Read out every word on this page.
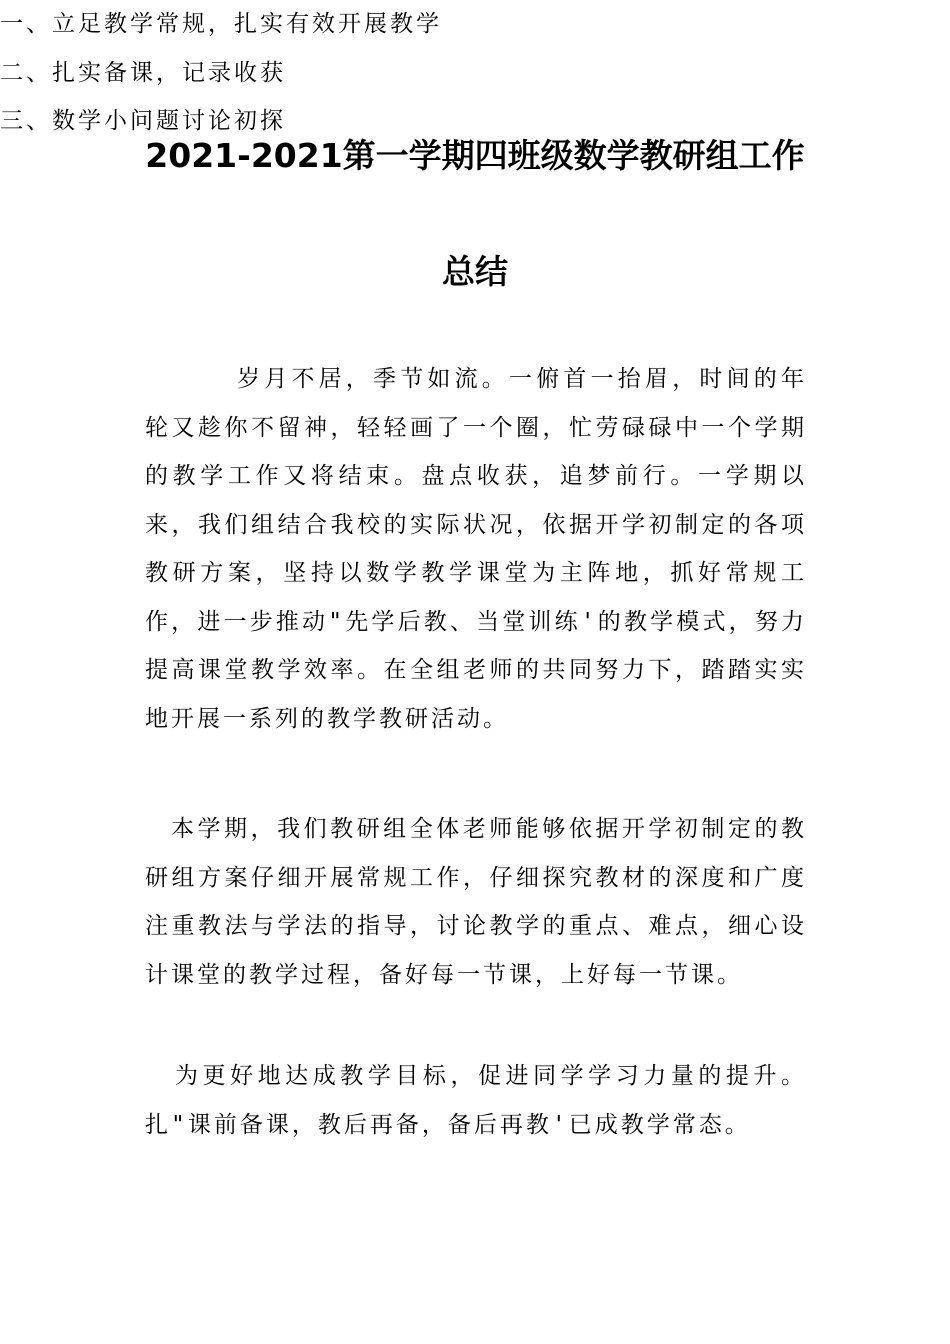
2021-2021第一学期四班级数学教研组工作
总结

岁月不居，季节如流。一俯首一抬眉，时间的年轮又趁你不留神，轻轻画了一个圈，忙劳碌碌中一个学期的教学工作又将结束。盘点收获，追梦前行。一学期以来，我们组结合我校的实际状况，依据开学初制定的各项教研方案，坚持以数学教学课堂为主阵地，抓好常规工作，进一步推动"先学后教、当堂训练'的教学模式，努力提高课堂教学效率。在全组老师的共同努力下，踏踏实实地开展一系列的教学教研活动。

一、立足教学常规，扎实有效开展教学

本学期，我们教研组全体老师能够依据开学初制定的教研组方案仔细开展常规工作，仔细探究教材的深度和广度注重教法与学法的指导，讨论教学的重点、难点，细心设计课堂的教学过程，备好每一节课，上好每一节课。

二、扎实备课，记录收获

为更好地达成教学目标，促进同学学习力量的提升。扎"课前备课，教后再备，备后再教'已成教学常态。

三、数学小问题讨论初探
